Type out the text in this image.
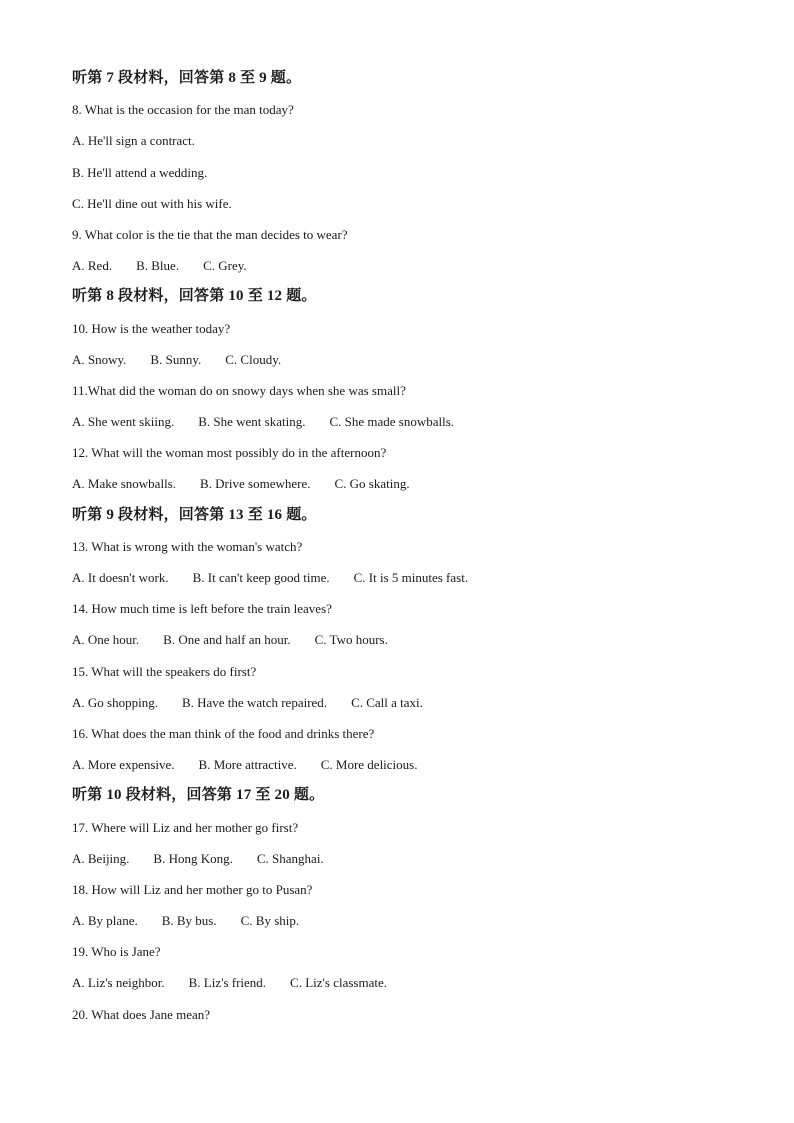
听第 7 段材料，回答第 8 至 9 题。
8. What is the occasion for the man today?
A. He'll sign a contract.
B. He'll attend a wedding.
C. He'll dine out with his wife.
9. What color is the tie that the man decides to wear?
A. Red. B. Blue. C. Grey.
听第 8 段材料，回答第 10 至 12 题。
10. How is the weather today?
A. Snowy. B. Sunny. C. Cloudy.
11.What did the woman do on snowy days when she was small?
A. She went skiing. B. She went skating. C. She made snowballs.
12. What will the woman most possibly do in the afternoon?
A. Make snowballs. B. Drive somewhere. C. Go skating.
听第 9 段材料，回答第 13 至 16 题。
13. What is wrong with the woman's watch?
A. It doesn't work. B. It can't keep good time. C. It is 5 minutes fast.
14. How much time is left before the train leaves?
A. One hour. B. One and half an hour. C. Two hours.
15. What will the speakers do first?
A. Go shopping. B. Have the watch repaired. C. Call a taxi.
16. What does the man think of the food and drinks there?
A. More expensive. B. More attractive. C. More delicious.
听第 10 段材料，回答第 17 至 20 题。
17. Where will Liz and her mother go first?
A. Beijing. B. Hong Kong. C. Shanghai.
18. How will Liz and her mother go to Pusan?
A. By plane. B. By bus. C. By ship.
19. Who is Jane?
A. Liz's neighbor. B. Liz's friend. C. Liz's classmate.
20. What does Jane mean?
